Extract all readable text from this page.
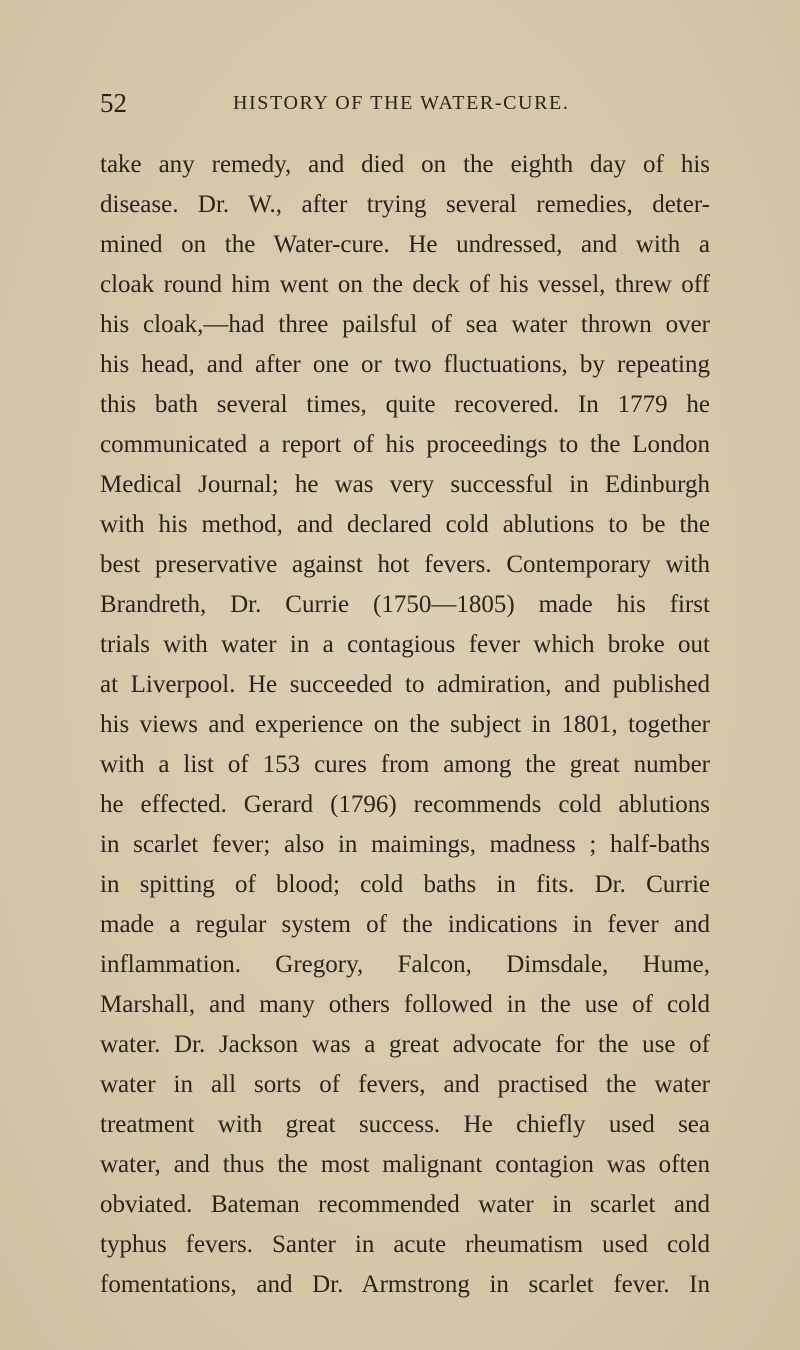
52	HISTORY OF THE WATER-CURE.
take any remedy, and died on the eighth day of his
disease. Dr. W., after trying several remedies, deter-
mined on the Water-cure. He undressed, and with a
cloak round him went on the deck of his vessel, threw off
his cloak,—had three pailsful of sea water thrown over
his head, and after one or two fluctuations, by repeating
this bath several times, quite recovered. In 1779 he
communicated a report of his proceedings to the London
Medical Journal; he was very successful in Edinburgh
with his method, and declared cold ablutions to be the
best preservative against hot fevers. Contemporary with
Brandreth, Dr. Currie (1750—1805) made his first
trials with water in a contagious fever which broke out
at Liverpool. He succeeded to admiration, and published
his views and experience on the subject in 1801, together
with a list of 153 cures from among the great number
he effected. Gerard (1796) recommends cold ablutions
in scarlet fever; also in maimings, madness ; half-baths
in spitting of blood; cold baths in fits. Dr. Currie
made a regular system of the indications in fever and
inflammation. Gregory, Falcon, Dimsdale, Hume,
Marshall, and many others followed in the use of cold
water. Dr. Jackson was a great advocate for the use of
water in all sorts of fevers, and practised the water
treatment with great success. He chiefly used sea
water, and thus the most malignant contagion was often
obviated. Bateman recommended water in scarlet and
typhus fevers. Santer in acute rheumatism used cold
fomentations, and Dr. Armstrong in scarlet fever. In
